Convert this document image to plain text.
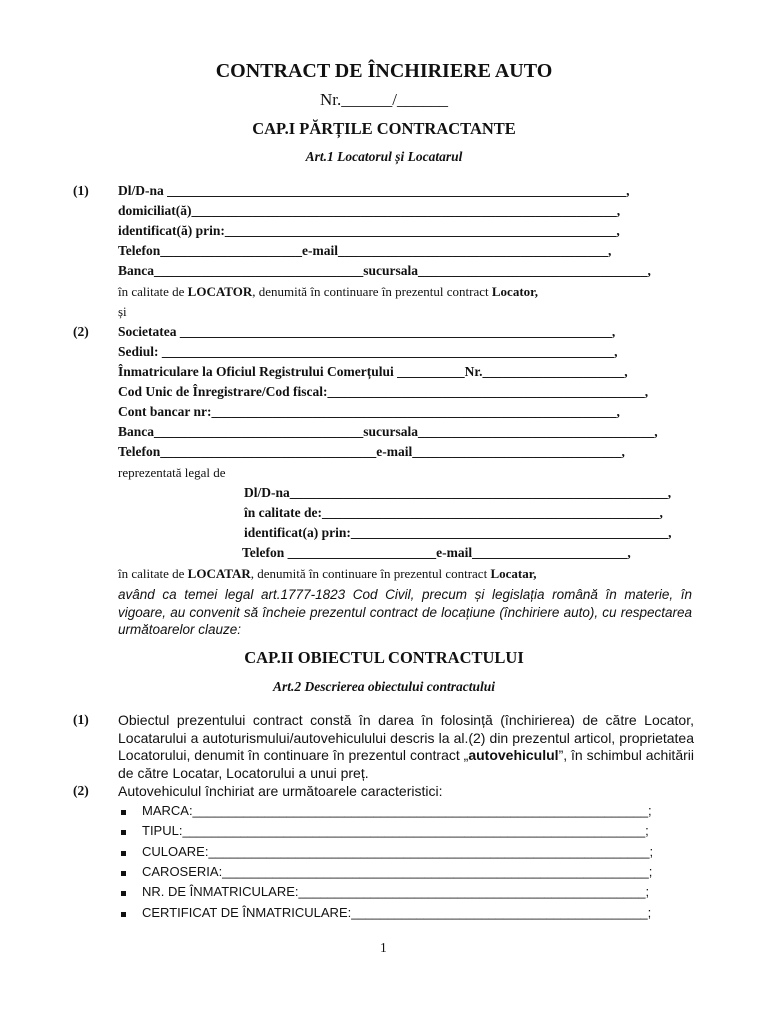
CONTRACT DE ÎNCHIRIERE AUTO
Nr.______/______
CAP.I PĂRȚILE CONTRACTANTE
Art.1 Locatorul și Locatarul
(1) Dl/D-na ____________________________________________________________________,
domiciliat(ă)_______________________________________________________________,
identificat(ă) prin:__________________________________________________________,
Telefon_____________________e-mail________________________________________,
Banca_______________________________sucursala__________________________________,
în calitate de LOCATOR, denumită în continuare în prezentul contract Locator,
și
(2) Societatea ________________________________________________________________,
Sediul: ___________________________________________________________________,
Înmatriculare la Oficiul Registrului Comerțului __________Nr._____________________,
Cod Unic de Înregistrare/Cod fiscal:_______________________________________________,
Cont bancar nr:____________________________________________________________,
Banca_______________________________sucursala___________________________________,
Telefon________________________________e-mail_______________________________,
reprezentată legal de
Dl/D-na________________________________________________________,
în calitate de:__________________________________________________,
identificat(a) prin:_______________________________________________,
Telefon ______________________e-mail_______________________,
în calitate de LOCATAR, denumită în continuare în prezentul contract Locatar,
având ca temei legal art.1777-1823 Cod Civil, precum și legislația română în materie, în vigoare, au convenit să încheie prezentul contract de locațiune (închiriere auto), cu respectarea următoarelor clauze:
CAP.II OBIECTUL CONTRACTULUI
Art.2 Descrierea obiectului contractului
(1) Obiectul prezentului contract constă în darea în folosință (închirierea) de către Locator, Locatarului a autoturismului/autovehiculului descris la al.(2) din prezentul articol, proprietatea Locatorului, denumit în continuare în prezentul contract „autovehiculul”, în schimbul achitării de către Locatar, Locatorului a unui preț.
(2) Autovehiculul închiriat are următoarele caracteristici:
MARCA:_______________________________________________________________;
TIPUL:________________________________________________________________;
CULOARE:_____________________________________________________________;
CAROSERIA:___________________________________________________________;
NR. DE ÎNMATRICULARE:________________________________________________;
CERTIFICAT DE ÎNMATRICULARE:_________________________________________;
1
